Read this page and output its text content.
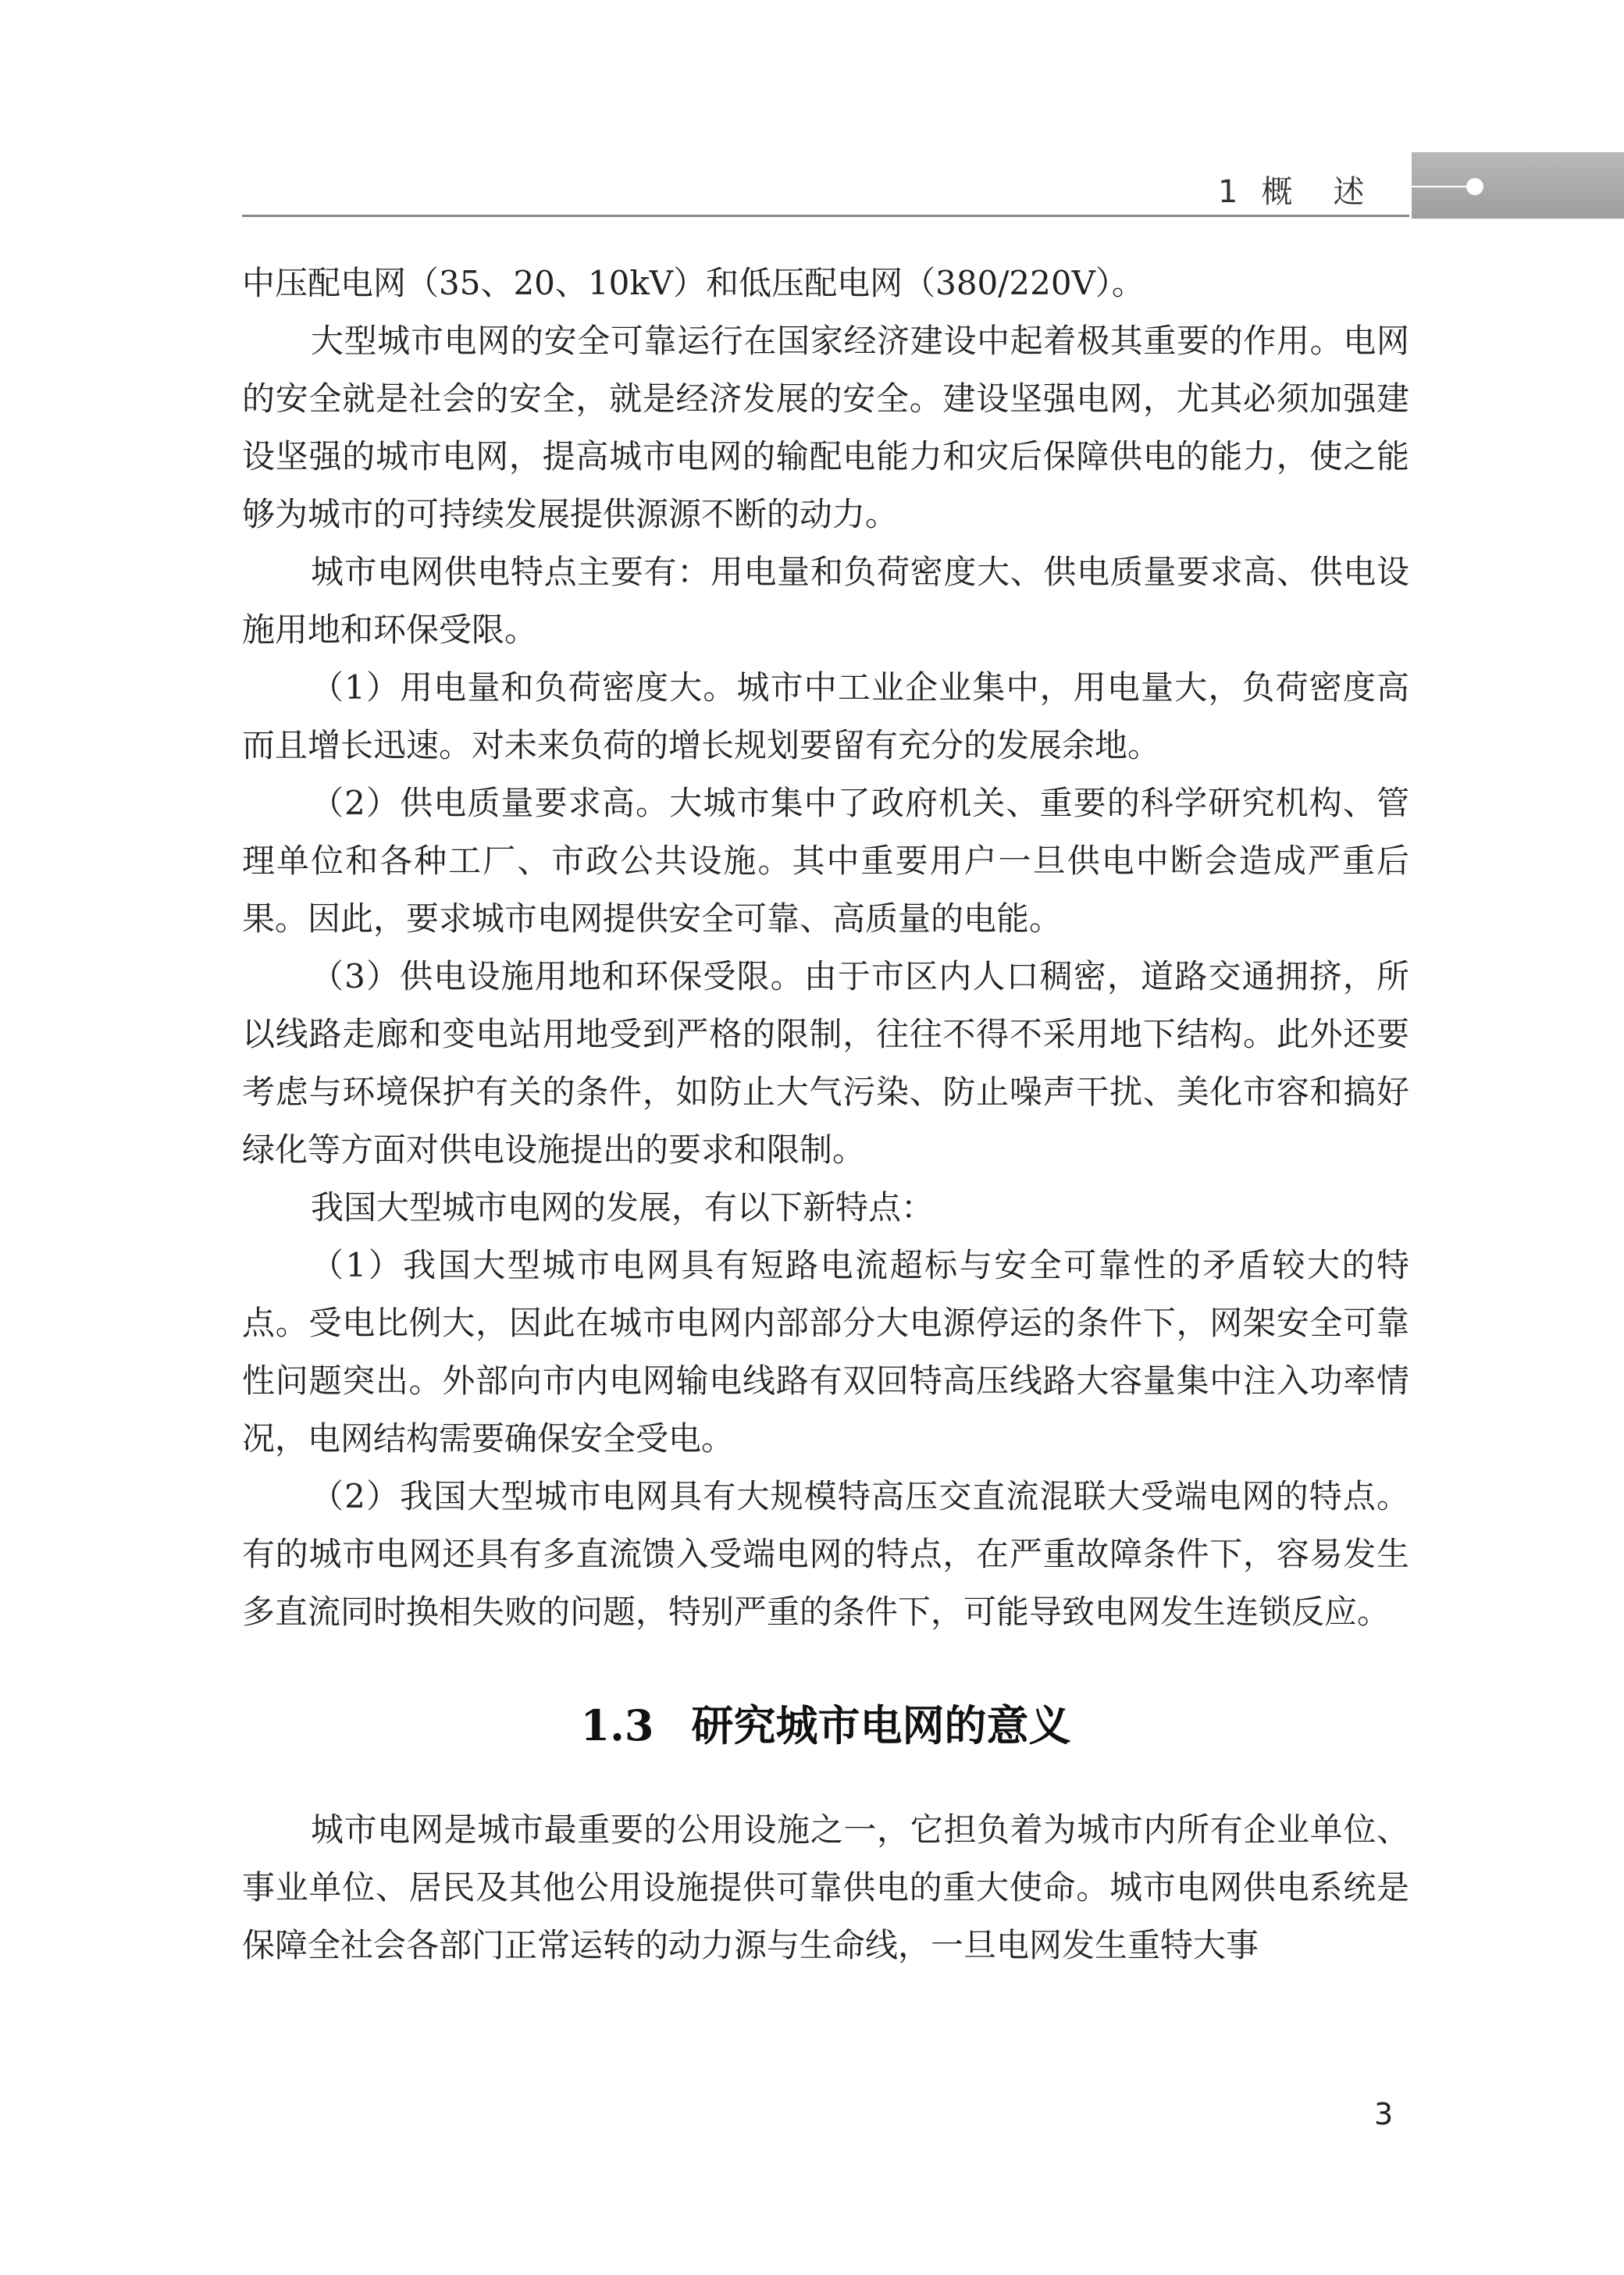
1 概述

中压配电网（35、20、10kV）和低压配电网（380/220V）。

大型城市电网的安全可靠运行在国家经济建设中起着极其重要的作用。电网的安全就是社会的安全，就是经济发展的安全。建设坚强电网，尤其必须加强建设坚强的城市电网，提高城市电网的输配电能力和灾后保障供电的能力，使之能够为城市的可持续发展提供源源不断的动力。

城市电网供电特点主要有：用电量和负荷密度大、供电质量要求高、供电设施用地和环保受限。

（1）用电量和负荷密度大。城市中工业企业集中，用电量大，负荷密度高而且增长迅速。对未来负荷的增长规划要留有充分的发展余地。

（2）供电质量要求高。大城市集中了政府机关、重要的科学研究机构、管理单位和各种工厂、市政公共设施。其中重要用户一旦供电中断会造成严重后果。因此，要求城市电网提供安全可靠、高质量的电能。

（3）供电设施用地和环保受限。由于市区内人口稠密，道路交通拥挤，所以线路走廊和变电站用地受到严格的限制，往往不得不采用地下结构。此外还要考虑与环境保护有关的条件，如防止大气污染、防止噪声干扰、美化市容和搞好绿化等方面对供电设施提出的要求和限制。

我国大型城市电网的发展，有以下新特点：

（1）我国大型城市电网具有短路电流超标与安全可靠性的矛盾较大的特点。受电比例大，因此在城市电网内部部分大电源停运的条件下，网架安全可靠性问题突出。外部向市内电网输电线路有双回特高压线路大容量集中注入功率情况，电网结构需要确保安全受电。

（2）我国大型城市电网具有大规模特高压交直流混联大受端电网的特点。有的城市电网还具有多直流馈入受端电网的特点，在严重故障条件下，容易发生多直流同时换相失败的问题，特别严重的条件下，可能导致电网发生连锁反应。

1.3 研究城市电网的意义

城市电网是城市最重要的公用设施之一，它担负着为城市内所有企业单位、事业单位、居民及其他公用设施提供可靠供电的重大使命。城市电网供电系统是保障全社会各部门正常运转的动力源与生命线，一旦电网发生重特大事

3
